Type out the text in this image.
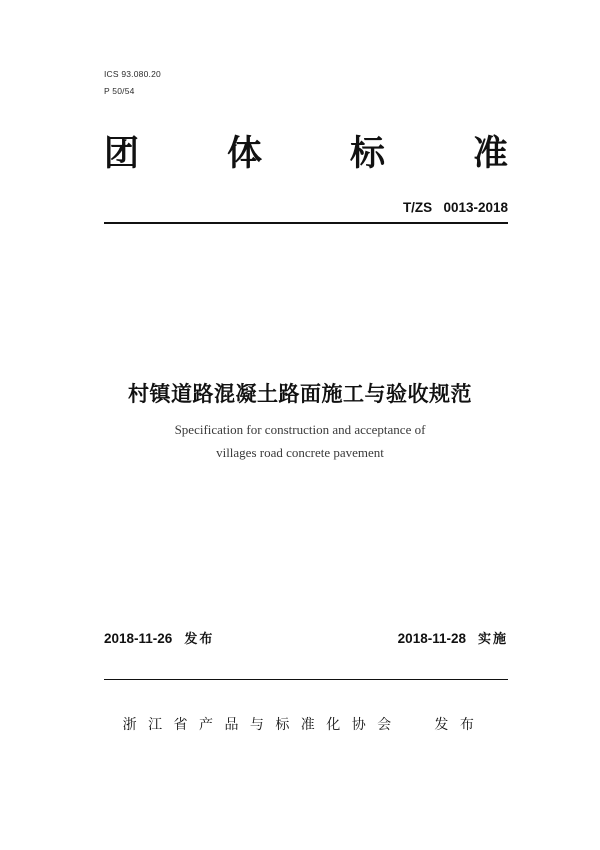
ICS 93.080.20
P 50/54
团	体	标	准
T/ZS   0013-2018
村镇道路混凝土路面施工与验收规范
Specification for construction and acceptance of
villages road concrete pavement
2018-11-26 发布	2018-11-28 实施
浙 江 省 产 品 与 标 准 化 协 会     发 布
